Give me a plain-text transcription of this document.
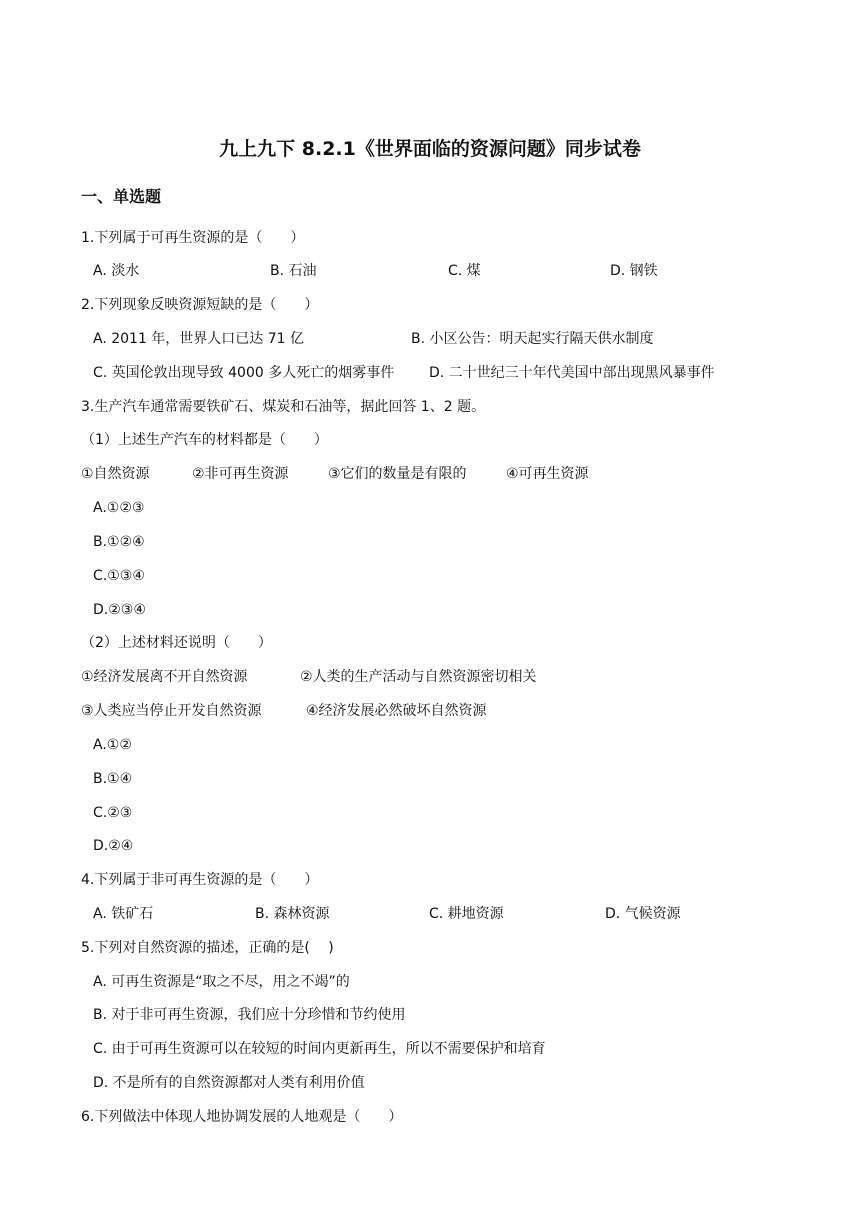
九上九下 8.2.1《世界面临的资源问题》同步试卷
一、单选题
1.下列属于可再生资源的是（　　）
A. 淡水	B. 石油	C. 煤	D. 钢铁
2.下列现象反映资源短缺的是（　　）
A. 2011 年，世界人口已达 71 亿	B. 小区公告：明天起实行隔天供水制度
C. 英国伦敦出现导致 4000 多人死亡的烟雾事件 D. 二十世纪三十年代美国中部出现黑风暴事件
3.生产汽车通常需要铁矿石、煤炭和石油等，据此回答 1、2 题。
（1）上述生产汽车的材料都是（　　）
①自然资源	②非可再生资源	③它们的数量是有限的	④可再生资源
A.①②③
B.①②④
C.①③④
D.②③④
（2）上述材料还说明（　　）
①经济发展离不开自然资源	②人类的生产活动与自然资源密切相关
③人类应当停止开发自然资源	④经济发展必然破坏自然资源
A.①②
B.①④
C.②③
D.②④
4.下列属于非可再生资源的是（　　）
A. 铁矿石	B. 森林资源	C. 耕地资源	D. 气候资源
5.下列对自然资源的描述，正确的是(　 )
A. 可再生资源是“取之不尽，用之不竭”的
B. 对于非可再生资源，我们应十分珍惜和节约使用
C. 由于可再生资源可以在较短的时间内更新再生，所以不需要保护和培育
D. 不是所有的自然资源都对人类有利用价值
6.下列做法中体现人地协调发展的人地观是（　　）
